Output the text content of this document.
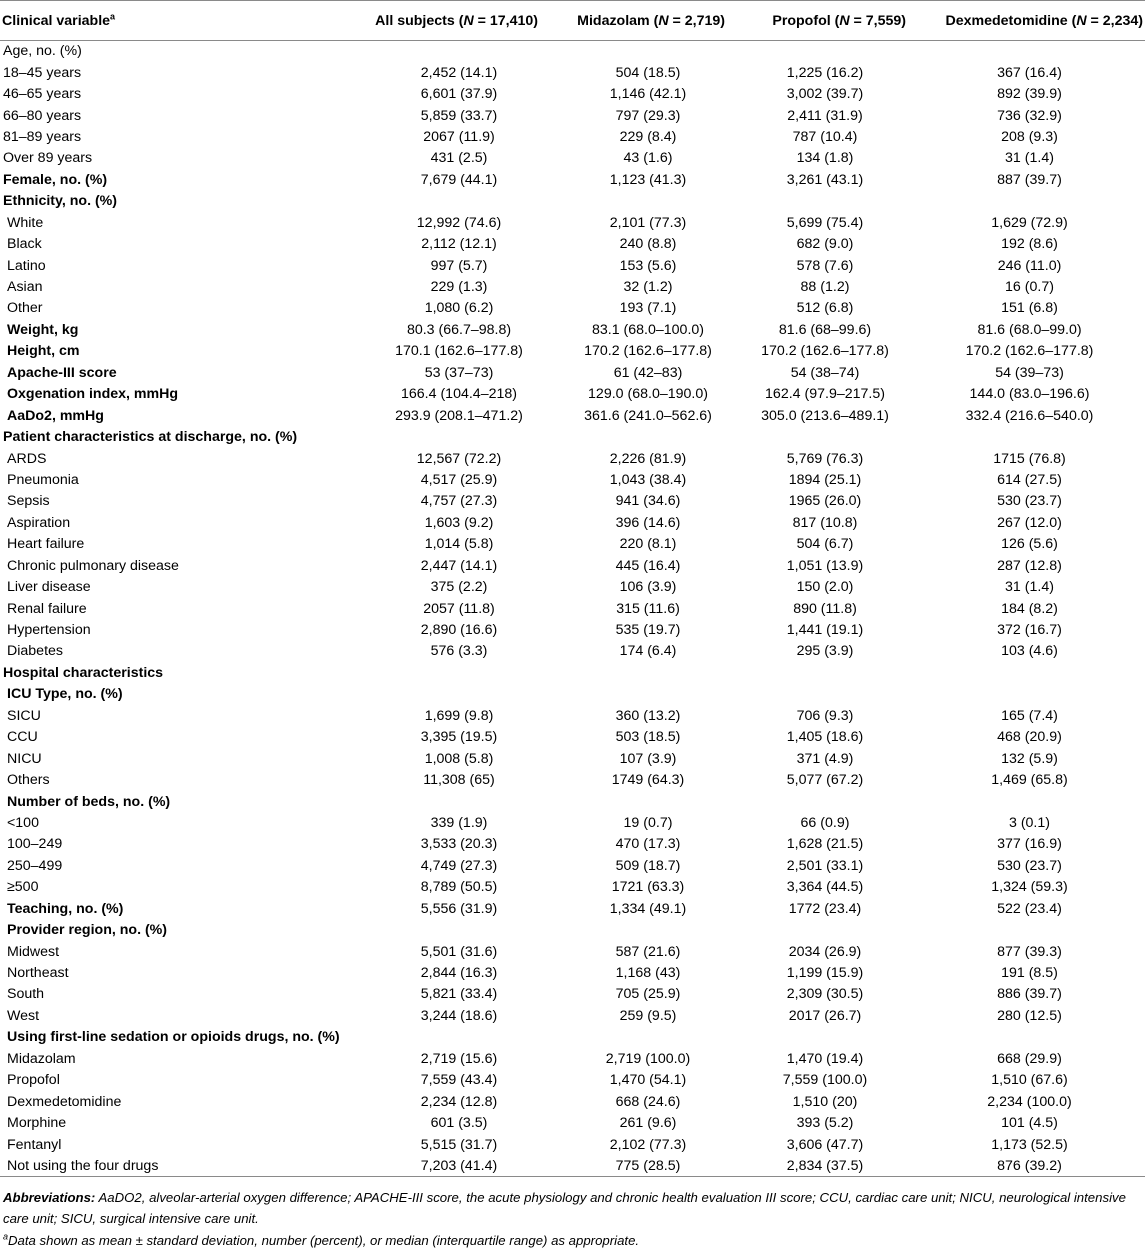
Clinical variable$^a$	All subjects (N = 17,410)	Midazolam (N = 2,719)	Propofol (N = 7,559)	Dexmedetomidine (N = 2,234)
Age, no. (%)				
18–45 years	2,452 (14.1)	504 (18.5)	1,225 (16.2)	367 (16.4)
46–65 years	6,601 (37.9)	1,146 (42.1)	3,002 (39.7)	892 (39.9)
66–80 years	5,859 (33.7)	797 (29.3)	2,411 (31.9)	736 (32.9)
81–89 years	2067 (11.9)	229 (8.4)	787 (10.4)	208 (9.3)
Over 89 years	431 (2.5)	43 (1.6)	134 (1.8)	31 (1.4)
Female, no. (%)	7,679 (44.1)	1,123 (41.3)	3,261 (43.1)	887 (39.7)
Ethnicity, no. (%)				
White	12,992 (74.6)	2,101 (77.3)	5,699 (75.4)	1,629 (72.9)
Black	2,112 (12.1)	240 (8.8)	682 (9.0)	192 (8.6)
Latino	997 (5.7)	153 (5.6)	578 (7.6)	246 (11.0)
Asian	229 (1.3)	32 (1.2)	88 (1.2)	16 (0.7)
Other	1,080 (6.2)	193 (7.1)	512 (6.8)	151 (6.8)
Weight, kg	80.3 (66.7–98.8)	83.1 (68.0–100.0)	81.6 (68–99.6)	81.6 (68.0–99.0)
Height, cm	170.1 (162.6–177.8)	170.2 (162.6–177.8)	170.2 (162.6–177.8)	170.2 (162.6–177.8)
Apache-III score	53 (37–73)	61 (42–83)	54 (38–74)	54 (39–73)
Oxgenation index, mmHg	166.4 (104.4–218)	129.0 (68.0–190.0)	162.4 (97.9–217.5)	144.0 (83.0–196.6)
AaDo2, mmHg	293.9 (208.1–471.2)	361.6 (241.0–562.6)	305.0 (213.6–489.1)	332.4 (216.6–540.0)
Patient characteristics at discharge, no. (%)				
ARDS	12,567 (72.2)	2,226 (81.9)	5,769 (76.3)	1715 (76.8)
Pneumonia	4,517 (25.9)	1,043 (38.4)	1894 (25.1)	614 (27.5)
Sepsis	4,757 (27.3)	941 (34.6)	1965 (26.0)	530 (23.7)
Aspiration	1,603 (9.2)	396 (14.6)	817 (10.8)	267 (12.0)
Heart failure	1,014 (5.8)	220 (8.1)	504 (6.7)	126 (5.6)
Chronic pulmonary disease	2,447 (14.1)	445 (16.4)	1,051 (13.9)	287 (12.8)
Liver disease	375 (2.2)	106 (3.9)	150 (2.0)	31 (1.4)
Renal failure	2057 (11.8)	315 (11.6)	890 (11.8)	184 (8.2)
Hypertension	2,890 (16.6)	535 (19.7)	1,441 (19.1)	372 (16.7)
Diabetes	576 (3.3)	174 (6.4)	295 (3.9)	103 (4.6)
Hospital characteristics				
ICU Type, no. (%)				
SICU	1,699 (9.8)	360 (13.2)	706 (9.3)	165 (7.4)
CCU	3,395 (19.5)	503 (18.5)	1,405 (18.6)	468 (20.9)
NICU	1,008 (5.8)	107 (3.9)	371 (4.9)	132 (5.9)
Others	11,308 (65)	1749 (64.3)	5,077 (67.2)	1,469 (65.8)
Number of beds, no. (%)				
<100	339 (1.9)	19 (0.7)	66 (0.9)	3 (0.1)
100–249	3,533 (20.3)	470 (17.3)	1,628 (21.5)	377 (16.9)
250–499	4,749 (27.3)	509 (18.7)	2,501 (33.1)	530 (23.7)
≥500	8,789 (50.5)	1721 (63.3)	3,364 (44.5)	1,324 (59.3)
Teaching, no. (%)	5,556 (31.9)	1,334 (49.1)	1772 (23.4)	522 (23.4)
Provider region, no. (%)				
Midwest	5,501 (31.6)	587 (21.6)	2034 (26.9)	877 (39.3)
Northeast	2,844 (16.3)	1,168 (43)	1,199 (15.9)	191 (8.5)
South	5,821 (33.4)	705 (25.9)	2,309 (30.5)	886 (39.7)
West	3,244 (18.6)	259 (9.5)	2017 (26.7)	280 (12.5)
Using first-line sedation or opioids drugs, no. (%)				
Midazolam	2,719 (15.6)	2,719 (100.0)	1,470 (19.4)	668 (29.9)
Propofol	7,559 (43.4)	1,470 (54.1)	7,559 (100.0)	1,510 (67.6)
Dexmedetomidine	2,234 (12.8)	668 (24.6)	1,510 (20)	2,234 (100.0)
Morphine	601 (3.5)	261 (9.6)	393 (5.2)	101 (4.5)
Fentanyl	5,515 (31.7)	2,102 (77.3)	3,606 (47.7)	1,173 (52.5)
Not using the four drugs	7,203 (41.4)	775 (28.5)	2,834 (37.5)	876 (39.2)

Abbreviations: AaDO2, alveolar-arterial oxygen difference; APACHE-III score, the acute physiology and chronic health evaluation III score; CCU, cardiac care unit; NICU, neurological intensive care unit; SICU, surgical intensive care unit.

$^a$Data shown as mean ± standard deviation, number (percent), or median (interquartile range) as appropriate.
